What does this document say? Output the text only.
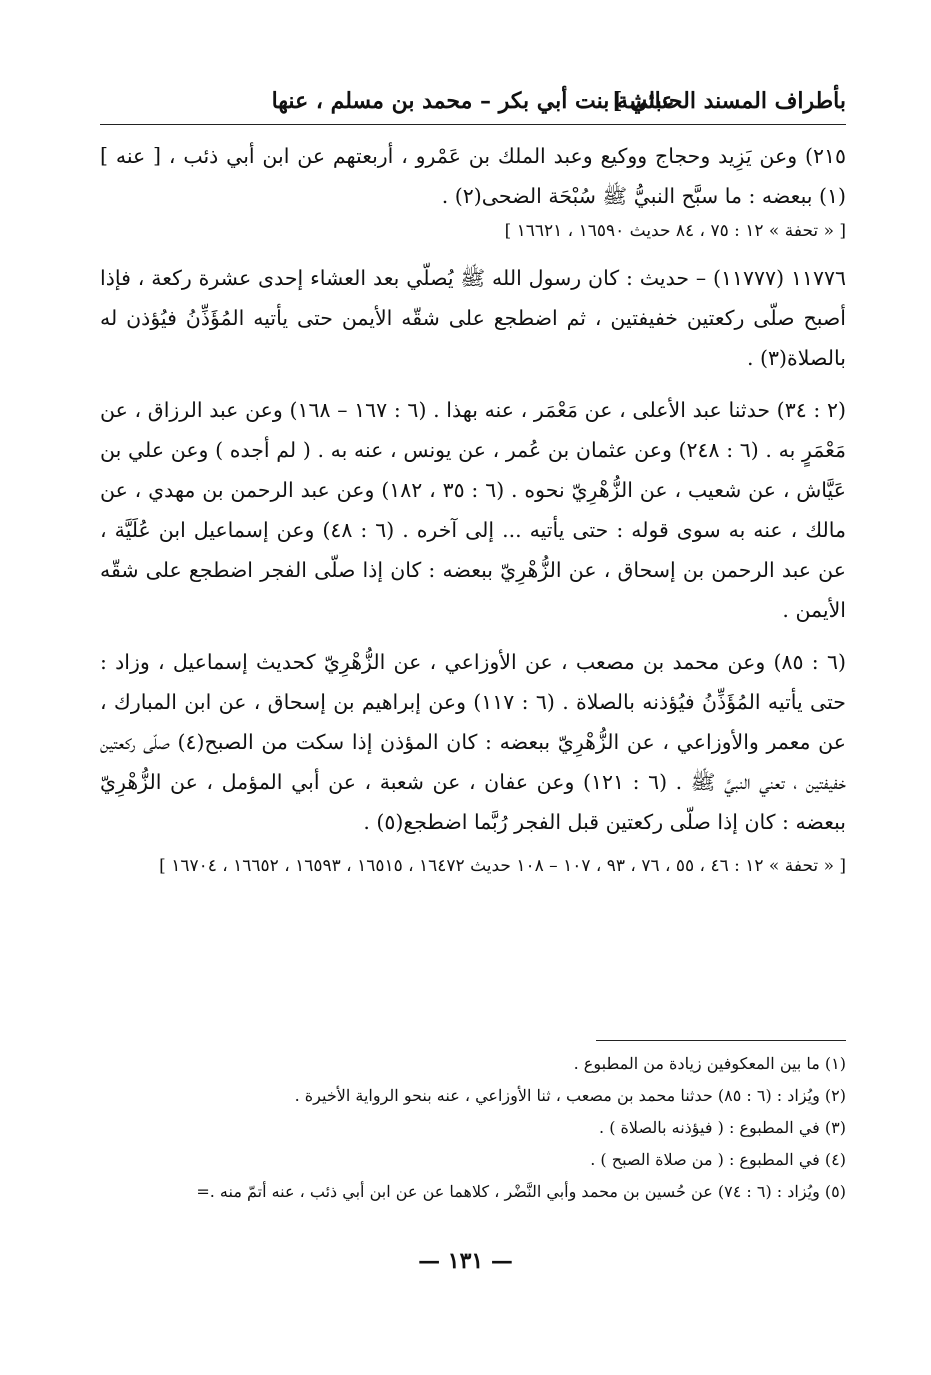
بأطراف المسند الحنبلي ]
عائشة بنت أبي بكر – محمد بن مسلم ، عنها

٢١٥) وعن يَزِيد وحجاج ووكيع وعبد الملك بن عَمْرو ، أربعتهم عن ابن أبي ذئب ، [ عنه ](١) ببعضه : ما سبَّح النبيُّ ﷺ سُبْحَة الضحى(٢) .

[ « تحفة » ١٢ : ٧٥ ، ٨٤ حديث ١٦٥٩٠ ، ١٦٦٢١ ]

١١٧٧٦ (١١٧٧٧) – حديث : كان رسول الله ﷺ يُصلّي بعد العشاء إحدى عشرة ركعة ، فإذا أصبح صلّى ركعتين خفيفتين ، ثم اضطجع على شقّه الأيمن حتى يأتيه المُؤَذِّنُ فيُؤذن له بالصلاة(٣) .

(٢ : ٣٤) حدثنا عبد الأعلى ، عن مَعْمَر ، عنه بهذا . (٦ : ١٦٧ – ١٦٨) وعن عبد الرزاق ، عن مَعْمَرٍ به . (٦ : ٢٤٨) وعن عثمان بن عُمر ، عن يونس ، عنه به . ( لم أجده ) وعن علي بن عَيَّاش ، عن شعيب ، عن الزُّهْرِيّ نحوه . (٦ : ٣٥ ، ١٨٢) وعن عبد الرحمن بن مهدي ، عن مالك ، عنه به سوى قوله : حتى يأتيه ... إلى آخره . (٦ : ٤٨) وعن إسماعيل ابن عُلَيَّة ، عن عبد الرحمن بن إسحاق ، عن الزُّهْرِيّ ببعضه : كان إذا صلّى الفجر اضطجع على شقّه الأيمن .

(٦ : ٨٥) وعن محمد بن مصعب ، عن الأوزاعي ، عن الزُّهْرِيّ كحديث إسماعيل ، وزاد : حتى يأتيه المُؤَذِّنُ فيُؤذنه بالصلاة . (٦ : ١١٧) وعن إبراهيم بن إسحاق ، عن ابن المبارك ، عن معمر والأوزاعي ، عن الزُّهْرِيّ ببعضه : كان المؤذن إذا سكت من الصبح(٤) صلّى ركعتين خفيفتين ، تعني النبيَّ ﷺ . (٦ : ١٢١) وعن عفان ، عن شعبة ، عن أبي المؤمل ، عن الزُّهْرِيّ ببعضه : كان إذا صلّى ركعتين قبل الفجر رُبَّما اضطجع(٥) .

[ « تحفة » ١٢ : ٤٦ ، ٥٥ ، ٧٦ ، ٩٣ ، ١٠٧ – ١٠٨ حديث ١٦٤٧٢ ، ١٦٥١٥ ، ١٦٥٩٣ ، ١٦٦٥٢ ، ١٦٧٠٤ ]

(١) ما بين المعكوفين زيادة من المطبوع .

(٢) ويُزاد : (٦ : ٨٥) حدثنا محمد بن مصعب ، ثنا الأوزاعي ، عنه بنحو الرواية الأخيرة .

(٣) في المطبوع : ( فيؤذنه بالصلاة ) .

(٤) في المطبوع : ( من صلاة الصبح ) .

(٥) ويُزاد : (٦ : ٧٤) عن حُسين بن محمد وأبي النَّضْر ، كلاهما عن عن ابن أبي ذئب ، عنه أتمّ منه .=

— ١٣١ —
